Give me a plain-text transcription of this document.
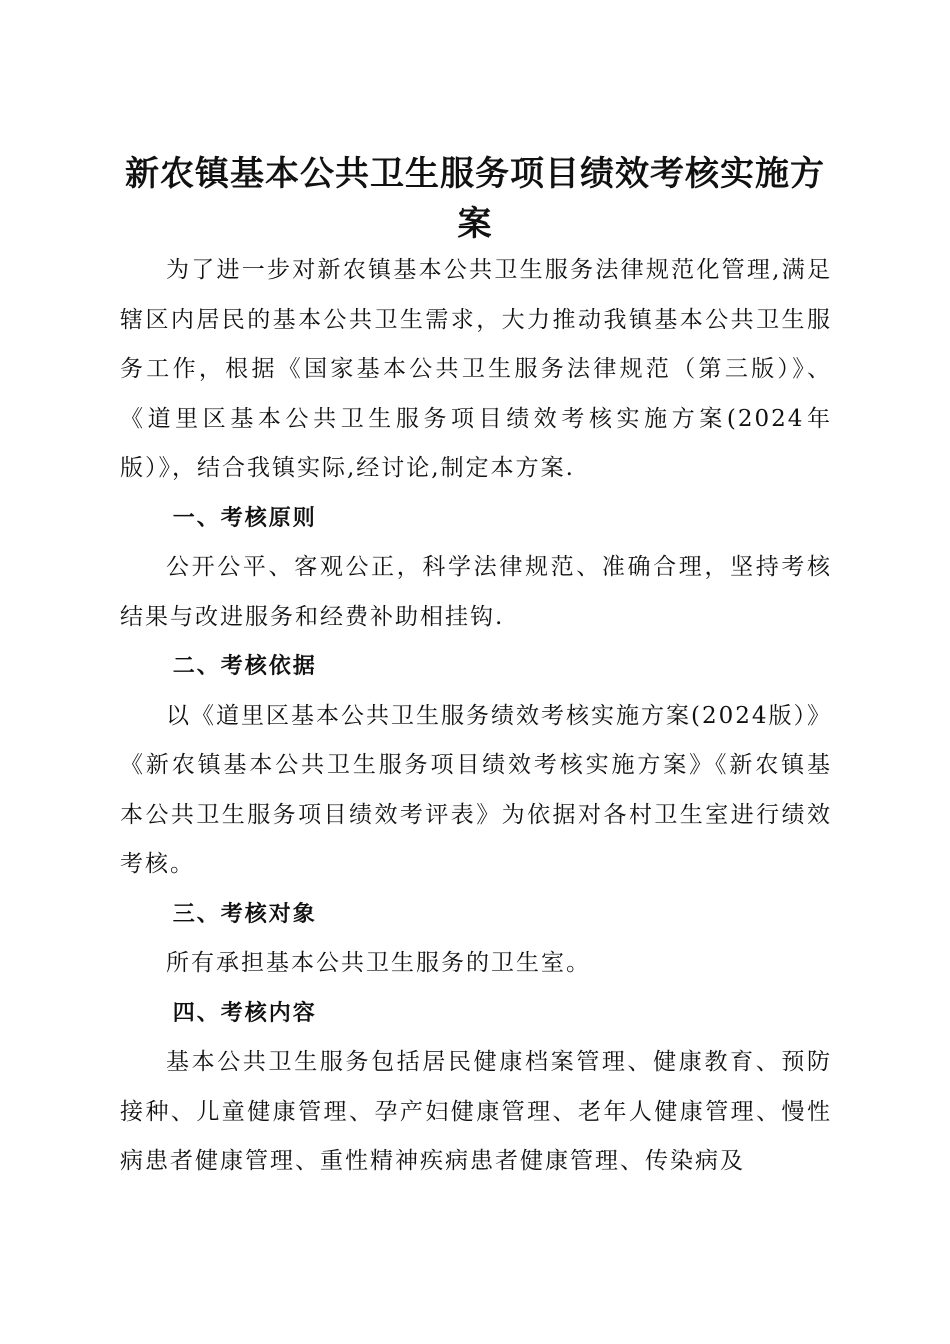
新农镇基本公共卫生服务项目绩效考核实施方
案

为了进一步对新农镇基本公共卫生服务法律规范化管理,满足辖区内居民的基本公共卫生需求，大力推动我镇基本公共卫生服务工作，根据《国家基本公共卫生服务法律规范（第三版）》、《道里区基本公共卫生服务项目绩效考核实施方案(2024年版）》，结合我镇实际,经讨论,制定本方案.

一、考核原则

公开公平、客观公正，科学法律规范、准确合理，坚持考核结果与改进服务和经费补助相挂钩.

二、考核依据

以《道里区基本公共卫生服务绩效考核实施方案(2024版）》《新农镇基本公共卫生服务项目绩效考核实施方案》《新农镇基本公共卫生服务项目绩效考评表》为依据对各村卫生室进行绩效考核。

三、考核对象

所有承担基本公共卫生服务的卫生室。

四、考核内容

基本公共卫生服务包括居民健康档案管理、健康教育、预防接种、儿童健康管理、孕产妇健康管理、老年人健康管理、慢性病患者健康管理、重性精神疾病患者健康管理、传染病及
